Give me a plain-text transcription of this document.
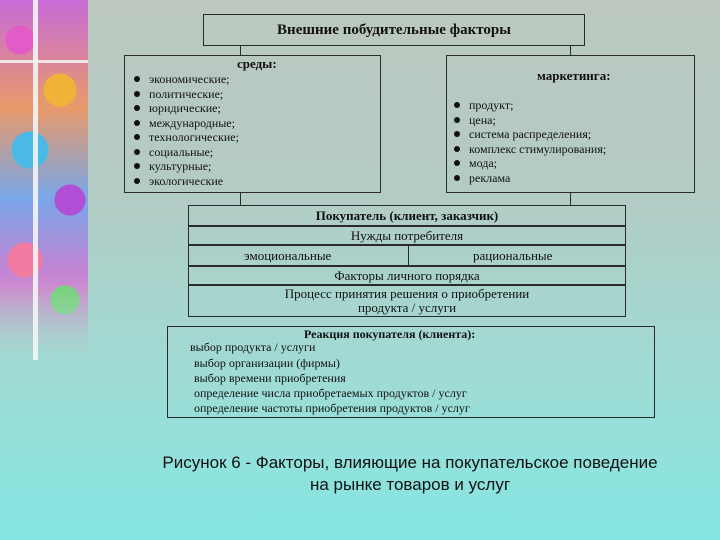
Внешние побудительные факторы
среды:
экономические;
политические;
юридические;
международные;
технологические;
социальные;
культурные;
экологические
маркетинга:
продукт;
цена;
система распределения;
комплекс стимулирования;
мода;
реклама
Покупатель (клиент, заказчик)
Нужды потребителя
эмоциональные	рациональные
Факторы личного порядка
Процесс принятия решения о приобретении
продукта / услуги
Реакция покупателя (клиента):
выбор продукта / услуги
выбор организации (фирмы)
выбор времени приобретения
определение числа приобретаемых продуктов / услуг
определение частоты приобретения продуктов / услуг
Рисунок 6 - Факторы, влияющие на покупательское поведение
на рынке товаров и услуг
